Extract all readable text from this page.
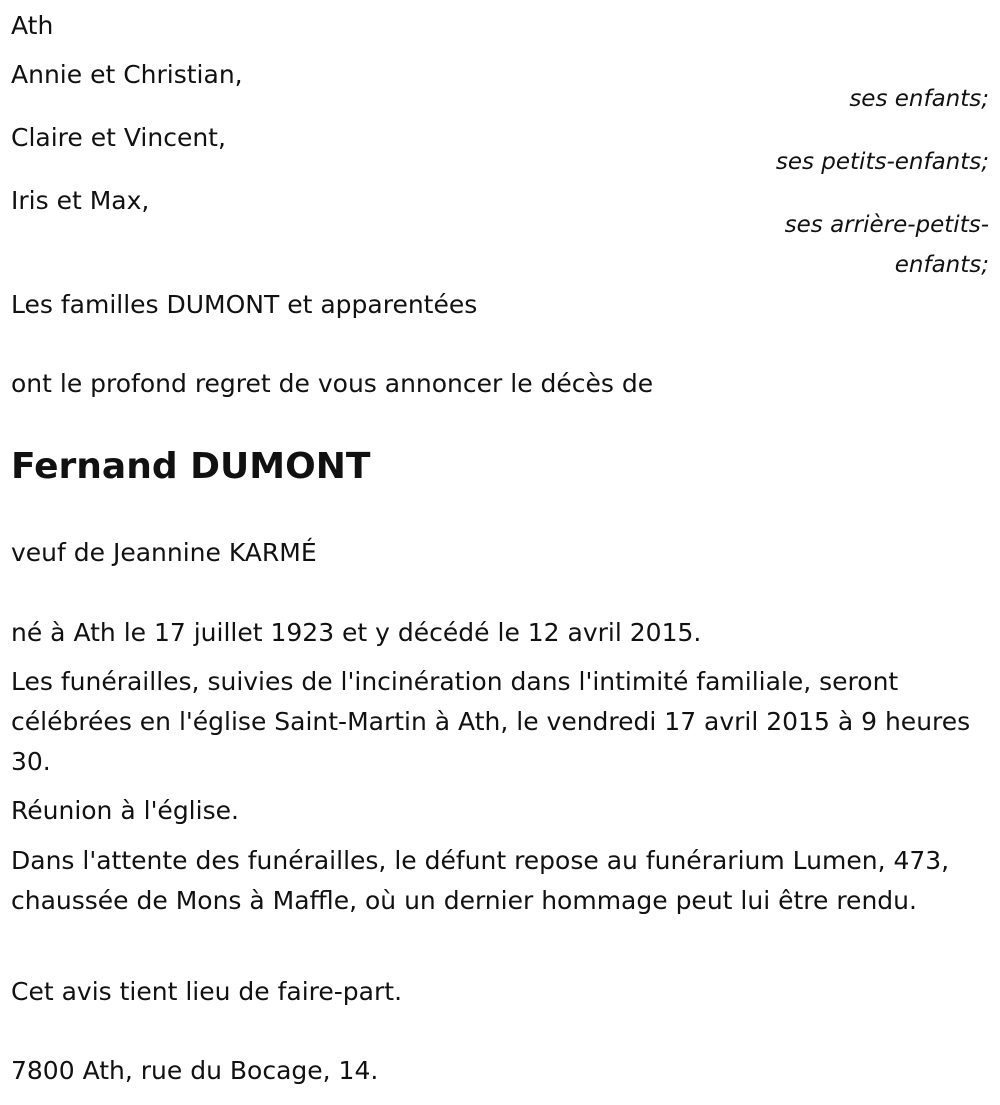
Ath
Annie et Christian,
ses enfants;
Claire et Vincent,
ses petits-enfants;
Iris et Max,
ses arrière-petits-enfants;
Les familles DUMONT et apparentées
ont le profond regret de vous annoncer le décès de
Fernand DUMONT
veuf de Jeannine KARMÉ
né à Ath le 17 juillet 1923 et y décédé le 12 avril 2015.
Les funérailles, suivies de l'incinération dans l'intimité familiale, seront célébrées en l'église Saint-Martin à Ath, le vendredi 17 avril 2015 à 9 heures 30.
Réunion à l'église.
Dans l'attente des funérailles, le défunt repose au funérarium Lumen, 473, chaussée de Mons à Maffle, où un dernier hommage peut lui être rendu.
Cet avis tient lieu de faire-part.
7800 Ath, rue du Bocage, 14.
